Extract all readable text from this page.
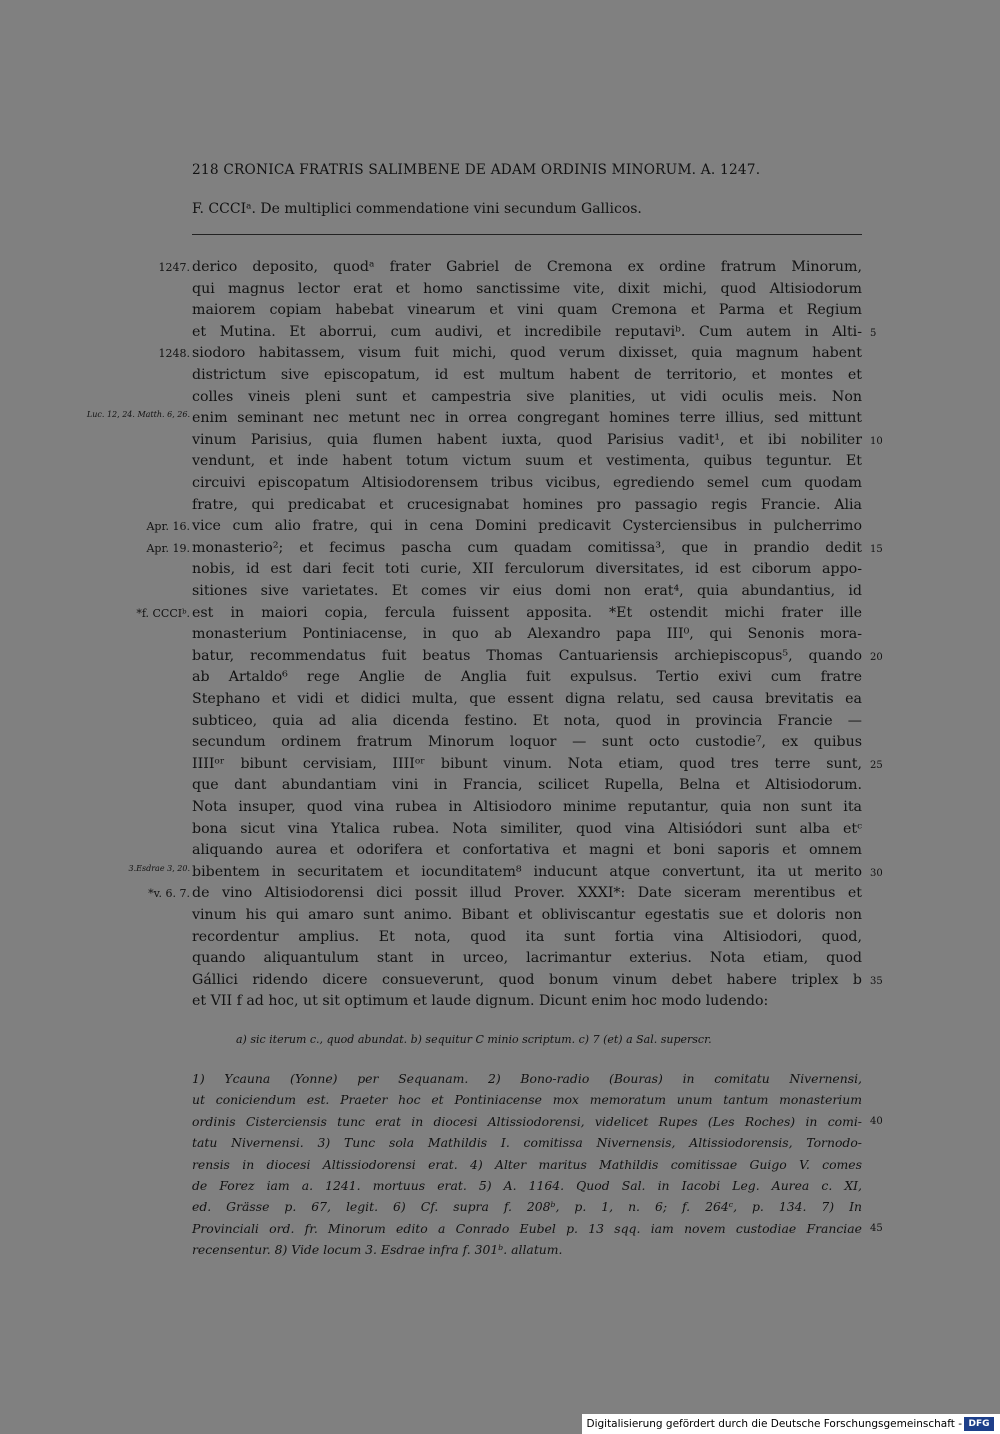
218 CRONICA FRATRIS SALIMBENE DE ADAM ORDINIS MINORUM. A. 1247.
F. CCCIᵃ. De multiplici commendatione vini secundum Gallicos.
derico deposito, quodᵃ frater Gabriel de Cremona ex ordine fratrum Minorum,
qui magnus lector erat et homo sanctissime vite, dixit michi, quod Altisiodorum
maiorem copiam habebat vinearum et vini quam Cremona et Parma et Regium
et Mutina. Et aborrui, cum audivi, et incredibile reputaviᵇ. Cum autem in Alti-
siodoro habitassem, visum fuit michi, quod verum dixisset, quia magnum habent
districtum sive episcopatum, id est multum habent de territorio, et montes et
colles vineis pleni sunt et campestria sive planities, ut vidi oculis meis. Non
enim seminant nec metunt nec in orrea congregant homines terre illius, sed mittunt
vinum Parisius, quia flumen habent iuxta, quod Parisius vadit¹, et ibi nobiliter
vendunt, et inde habent totum victum suum et vestimenta, quibus teguntur. Et
circuivi episcopatum Altisiodorensem tribus vicibus, egrediendo semel cum quodam
fratre, qui predicabat et crucesignabat homines pro passagio regis Francie. Alia
vice cum alio fratre, qui in cena Domini predicavit Cysterciensibus in pulcherrimo
monasterio²; et fecimus pascha cum quadam comitissa³, que in prandio dedit
nobis, id est dari fecit toti curie, XII ferculorum diversitates, id est ciborum appo-
sitiones sive varietates. Et comes vir eius domi non erat⁴, quia abundantius, id
est in maiori copia, fercula fuissent apposita. *Et ostendit michi frater ille
monasterium Pontiniacense, in quo ab Alexandro papa III⁰, qui Senonis mora-
batur, recommendatus fuit beatus Thomas Cantuariensis archiepiscopus⁵, quando
ab Artaldo⁶ rege Anglie de Anglia fuit expulsus. Tertio exivi cum fratre
Stephano et vidi et didici multa, que essent digna relatu, sed causa brevitatis ea
subticeo, quia ad alia dicenda festino. Et nota, quod in provincia Francie —
secundum ordinem fratrum Minorum loquor — sunt octo custodie⁷, ex quibus
IIIIᵒʳ bibunt cervisiam, IIIIᵒʳ bibunt vinum. Nota etiam, quod tres terre sunt,
que dant abundantiam vini in Francia, scilicet Rupella, Belna et Altisiodorum.
Nota insuper, quod vina rubea in Altisiodoro minime reputantur, quia non sunt ita
bona sicut vina Ytalica rubea. Nota similiter, quod vina Altisiódori sunt alba etᶜ
aliquando aurea et odorifera et confortativa et magni et boni saporis et omnem
bibentem in securitatem et iocunditatem⁸ inducunt atque convertunt, ita ut merito
de vino Altisiodorensi dici possit illud Prover. XXXI*: Date siceram merentibus et
vinum his qui amaro sunt animo. Bibant et obliviscantur egestatis sue et doloris non
recordentur amplius. Et nota, quod ita sunt fortia vina Altisiodori, quod,
quando aliquantulum stant in urceo, lacrimantur exterius. Nota etiam, quod
Gállici ridendo dicere consueverunt, quod bonum vinum debet habere triplex b
et VII f ad hoc, ut sit optimum et laude dignum. Dicunt enim hoc modo ludendo:
1247.
1248.
Luc. 12, 24. Matth. 6, 26.
Apr. 16.
Apr. 19.
*f. CCCIᵇ.
3.Esdrae 3, 20.
*v. 6. 7.
5
10
15
20
25
30
35
a) sic iterum c., quod abundat. b) sequitur C minio scriptum. c) 7 (et) a Sal. superscr.
1) Ycauna (Yonne) per Sequanam. 2) Bono-radio (Bouras) in comitatu Nivernensi,
ut coniciendum est. Praeter hoc et Pontiniacense mox memoratum unum tantum monasterium
ordinis Cisterciensis tunc erat in diocesi Altissiodorensi, videlicet Rupes (Les Roches) in comi-
tatu Nivernensi. 3) Tunc sola Mathildis I. comitissa Nivernensis, Altissiodorensis, Tornodo-
rensis in diocesi Altissiodorensi erat. 4) Alter maritus Mathildis comitissae Guigo V. comes
de Forez iam a. 1241. mortuus erat. 5) A. 1164. Quod Sal. in Iacobi Leg. Aurea c. XI,
ed. Grässe p. 67, legit. 6) Cf. supra f. 208ᵇ, p. 1, n. 6; f. 264ᶜ, p. 134. 7) In
Provinciali ord. fr. Minorum edito a Conrado Eubel p. 13 sqq. iam novem custodiae Franciae
recensentur. 8) Vide locum 3. Esdrae infra f. 301ᵇ. allatum.
40
45
Digitalisierung gefördert durch die Deutsche Forschungsgemeinschaft - DFG
